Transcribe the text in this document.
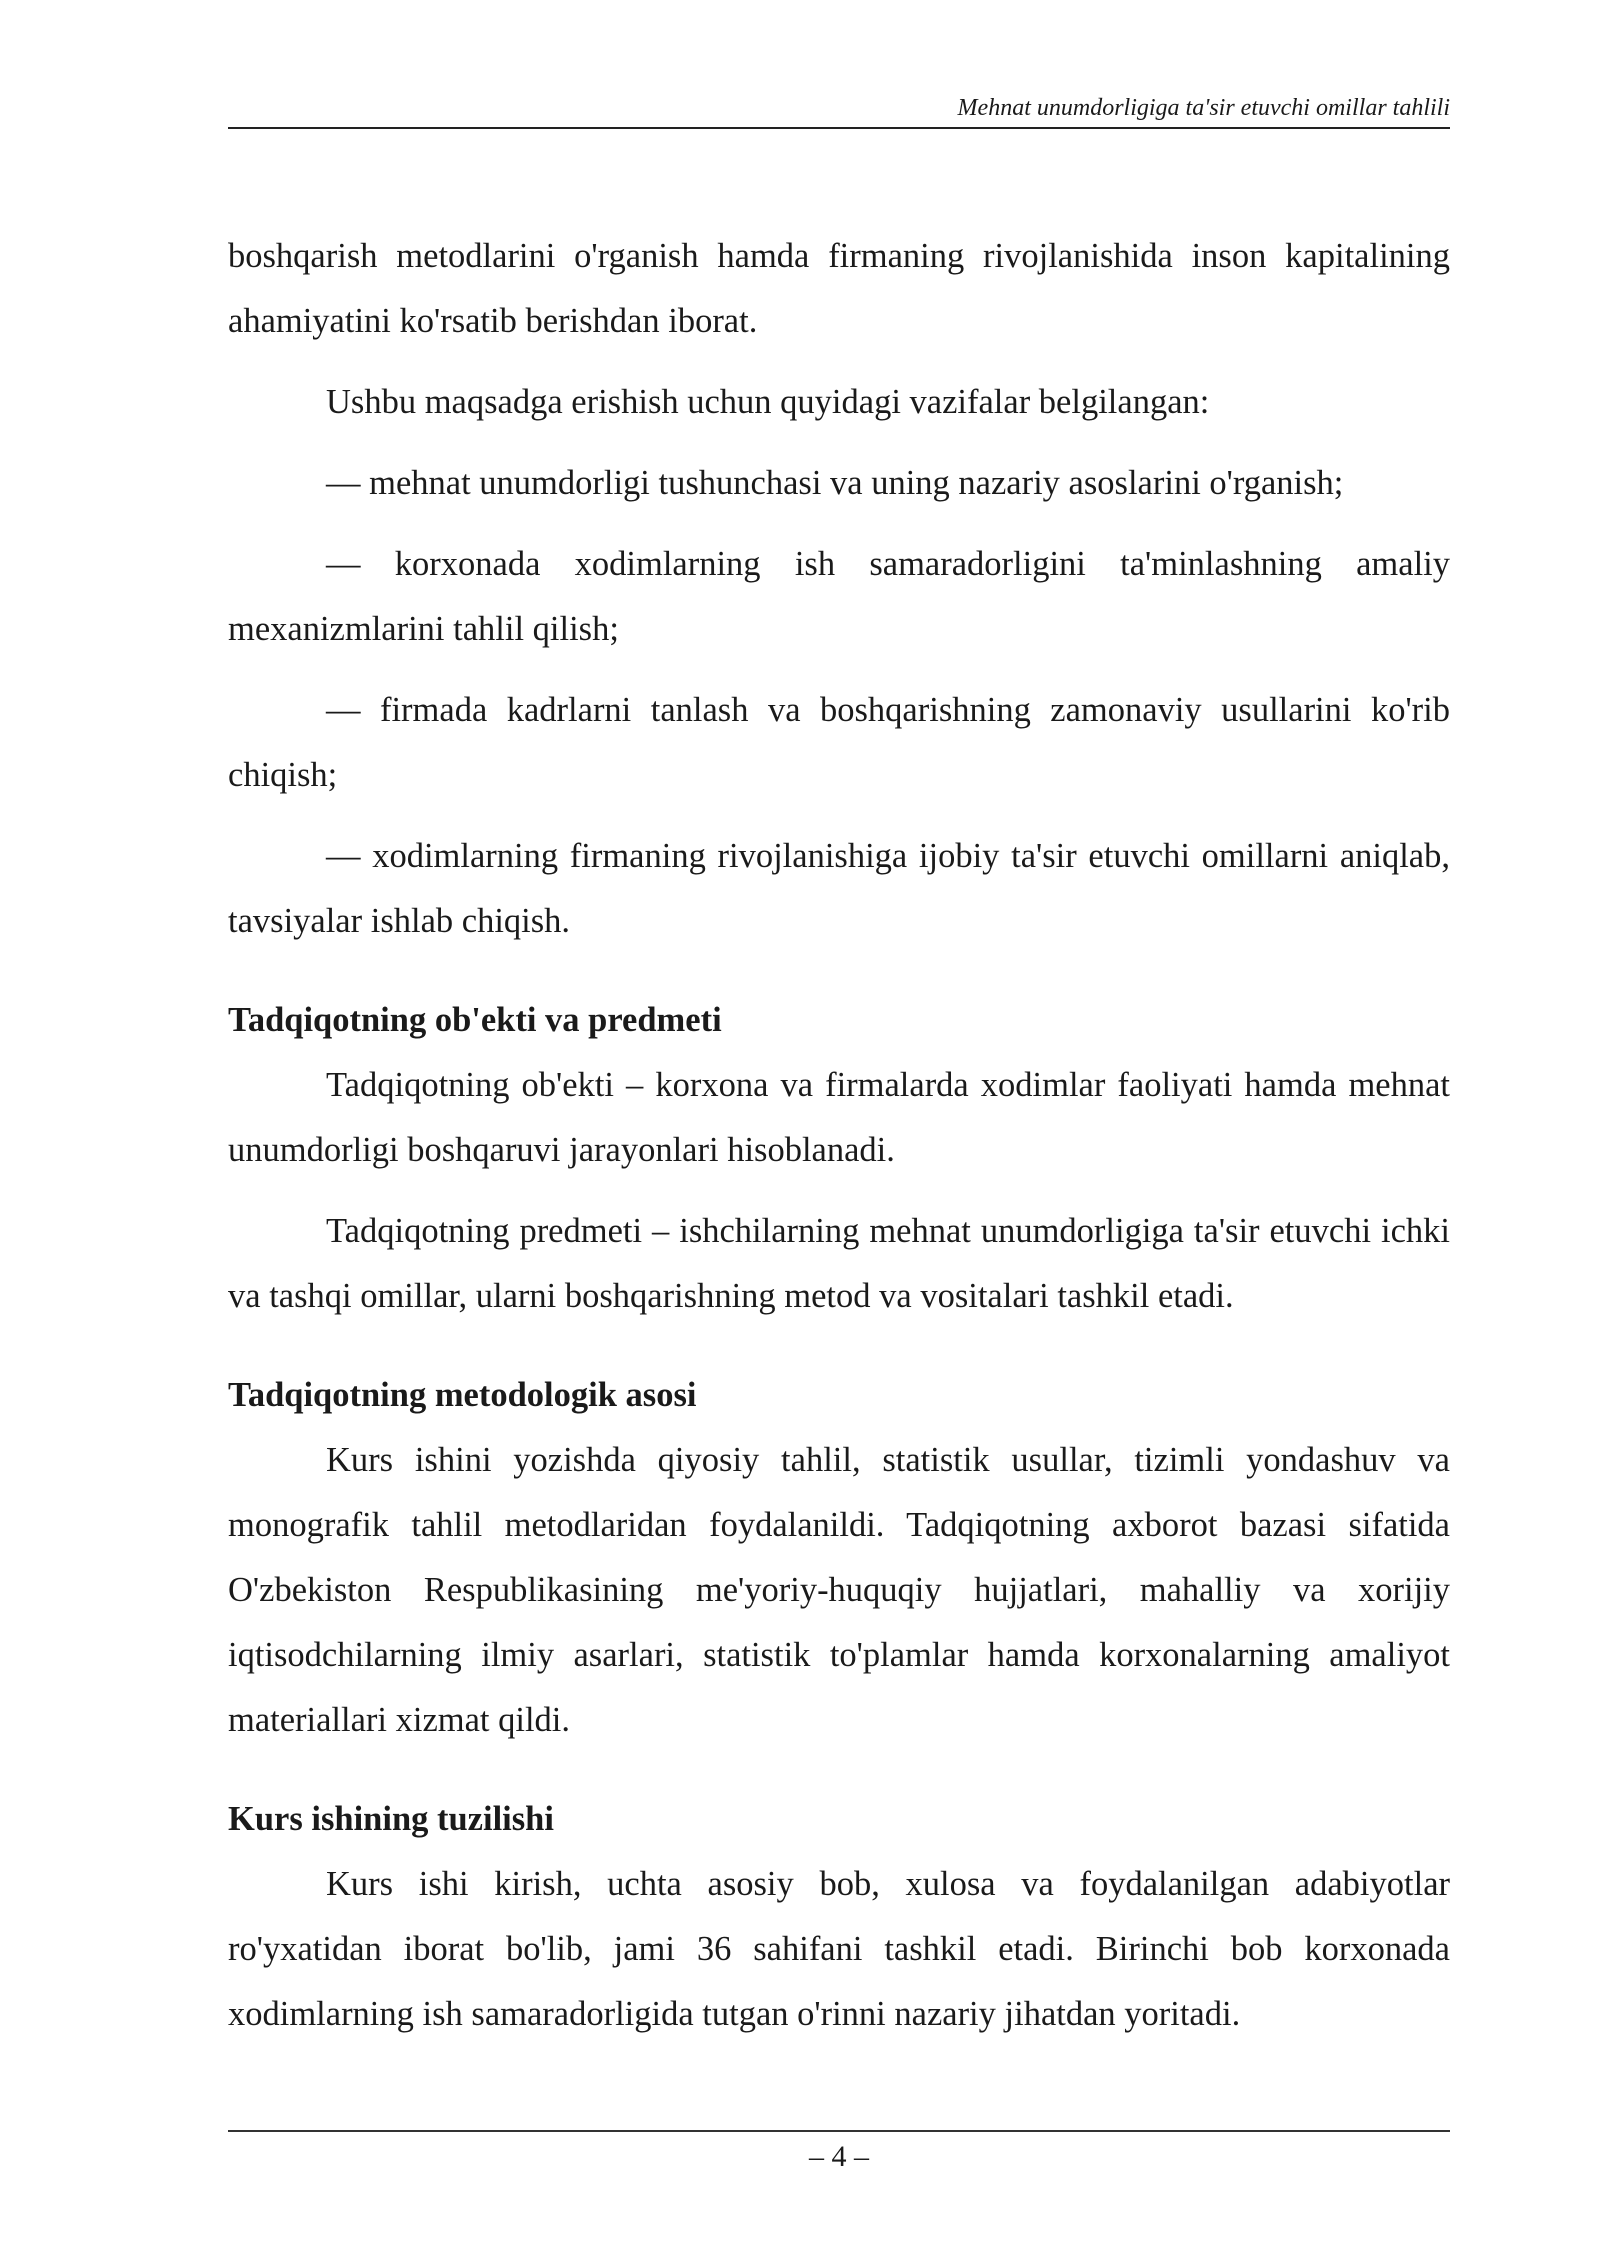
Mehnat unumdorligiga ta'sir etuvchi omillar tahlili

boshqarish metodlarini o'rganish hamda firmaning rivojlanishida inson kapitalining ahamiyatini ko'rsatib berishdan iborat.

Ushbu maqsadga erishish uchun quyidagi vazifalar belgilangan:

— mehnat unumdorligi tushunchasi va uning nazariy asoslarini o'rganish;

— korxonada xodimlarning ish samaradorligini ta'minlashning amaliy mexanizmlarini tahlil qilish;

— firmada kadrlarni tanlash va boshqarishning zamonaviy usullarini ko'rib chiqish;

— xodimlarning firmaning rivojlanishiga ijobiy ta'sir etuvchi omillarni aniqlab, tavsiyalar ishlab chiqish.

Tadqiqotning ob'ekti va predmeti

Tadqiqotning ob'ekti – korxona va firmalarda xodimlar faoliyati hamda mehnat unumdorligi boshqaruvi jarayonlari hisoblanadi.

Tadqiqotning predmeti – ishchilarning mehnat unumdorligiga ta'sir etuvchi ichki va tashqi omillar, ularni boshqarishning metod va vositalari tashkil etadi.

Tadqiqotning metodologik asosi

Kurs ishini yozishda qiyosiy tahlil, statistik usullar, tizimli yondashuv va monografik tahlil metodlaridan foydalanildi. Tadqiqotning axborot bazasi sifatida O'zbekiston Respublikasining me'yoriy-huquqiy hujjatlari, mahalliy va xorijiy iqtisodchilarning ilmiy asarlari, statistik to'plamlar hamda korxonalarning amaliyot materiallari xizmat qildi.

Kurs ishining tuzilishi

Kurs ishi kirish, uchta asosiy bob, xulosa va foydalanilgan adabiyotlar ro'yxatidan iborat bo'lib, jami 36 sahifani tashkil etadi. Birinchi bob korxonada xodimlarning ish samaradorligida tutgan o'rinni nazariy jihatdan yoritadi.

– 4 –
